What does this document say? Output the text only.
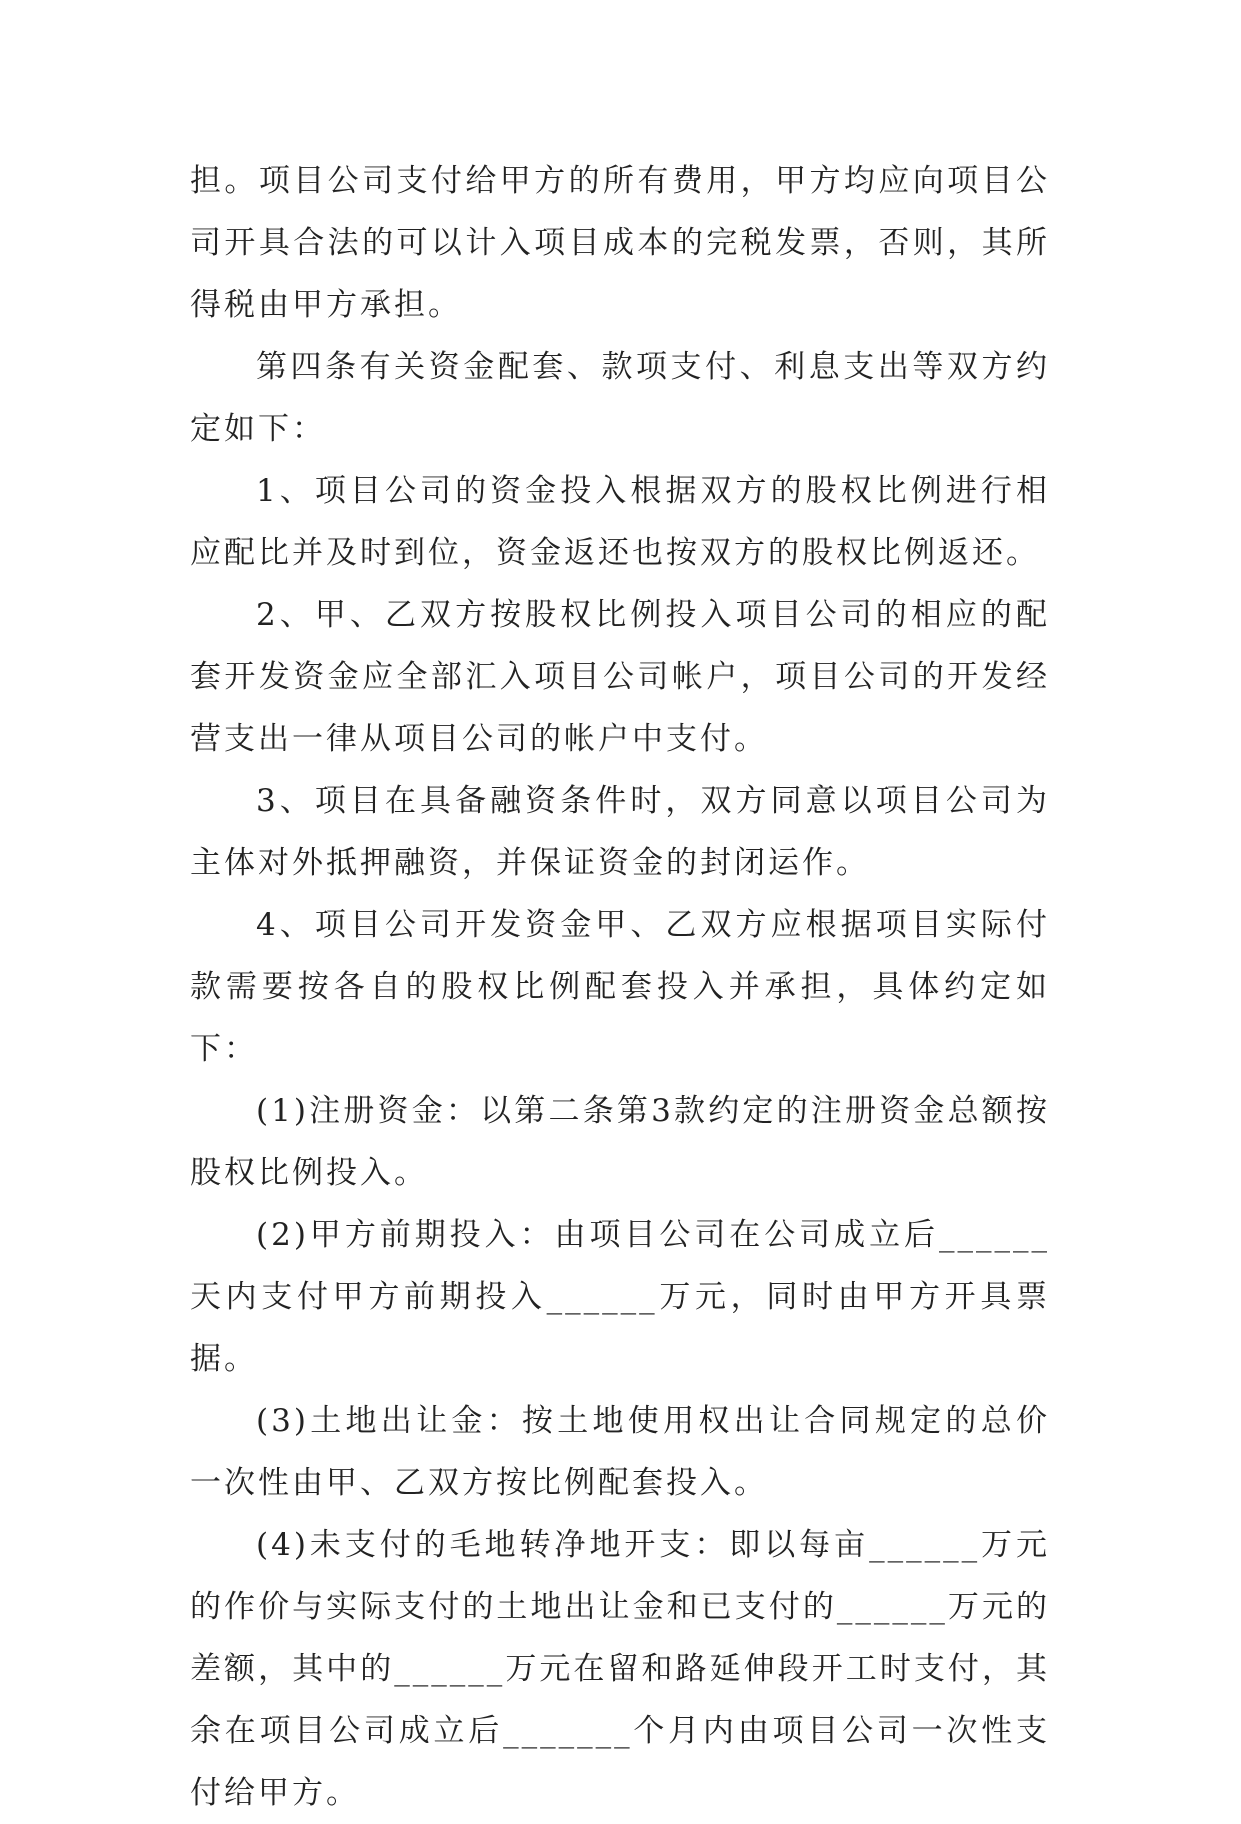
担。项目公司支付给甲方的所有费用，甲方均应向项目公司开具合法的可以计入项目成本的完税发票，否则，其所得税由甲方承担。

第四条有关资金配套、款项支付、利息支出等双方约定如下：

1、项目公司的资金投入根据双方的股权比例进行相应配比并及时到位，资金返还也按双方的股权比例返还。

2、甲、乙双方按股权比例投入项目公司的相应的配套开发资金应全部汇入项目公司帐户，项目公司的开发经营支出一律从项目公司的帐户中支付。

3、项目在具备融资条件时，双方同意以项目公司为主体对外抵押融资，并保证资金的封闭运作。

4、项目公司开发资金甲、乙双方应根据项目实际付款需要按各自的股权比例配套投入并承担，具体约定如下：

(1)注册资金：以第二条第3款约定的注册资金总额按股权比例投入。

(2)甲方前期投入：由项目公司在公司成立后______天内支付甲方前期投入______万元，同时由甲方开具票据。

(3)土地出让金：按土地使用权出让合同规定的总价一次性由甲、乙双方按比例配套投入。

(4)未支付的毛地转净地开支：即以每亩______万元的作价与实际支付的土地出让金和已支付的______万元的差额，其中的______万元在留和路延伸段开工时支付，其余在项目公司成立后_______个月内由项目公司一次性支付给甲方。
